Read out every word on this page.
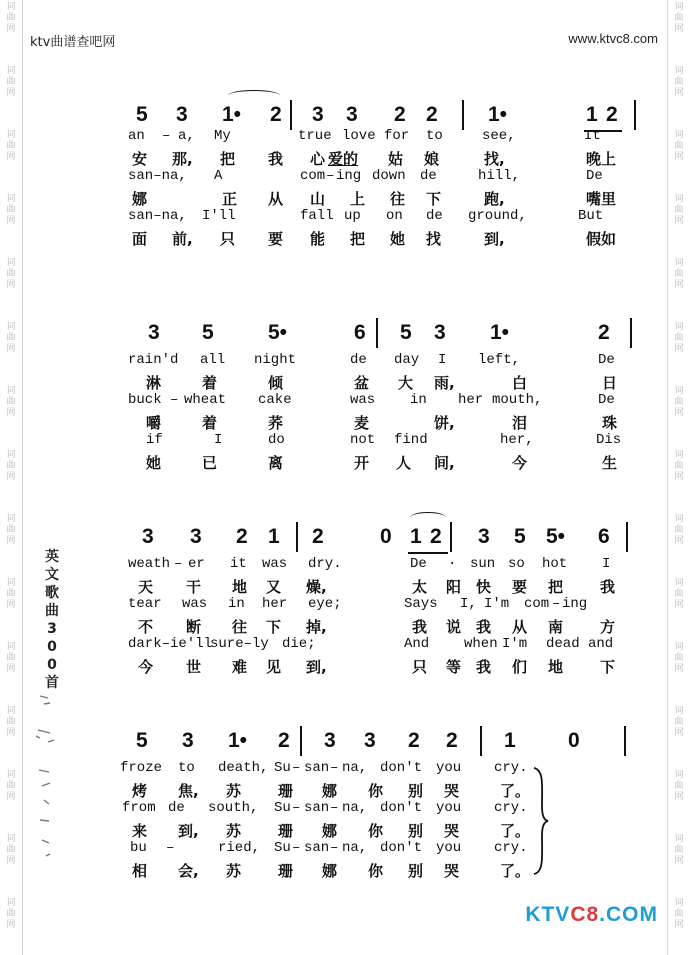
词
曲
网
词
曲
网
词
曲
网
词
曲
网
词
曲
网
词
曲
网
词
曲
网
词
曲
网
词
曲
网
词
曲
网
词
曲
网
词
曲
网
词
曲
网
词
曲
网
词
曲
网
词
曲
网
词
曲
网
词
曲
网
词
曲
网
词
曲
网
词
曲
网
词
曲
网
词
曲
网
词
曲
网
词
曲
网
词
曲
网
词
曲
网
词
曲
网
词
曲
网
词
曲
网
ktv曲谱查吧网	www.ktvc8.com
5 3 1• 2 3 3 2 2 1•	1 2
an – a, My	true love for to	see,	It
安 那, 把 我 心 爱的 姑 娘	找,	晚上
san–na, A	com – ing down de	hill,	De
娜	正 从 山 上 往 下	跑,	嘴里
san–na, I'll	fall up on de ground,	But
面 前, 只 要 能 把 她 找	到,	假如
3 5	5•	6 5 3 1•	2
rain'd all night	de day I left,	De
淋	着	倾	盆 大 雨,	白	日
buck – wheat cake	was in her mouth,	De
嚼	着	荞	麦	饼,	泪	珠
if	I	do	not find	her,	Dis
她	已	离	开 人 间,	今	生
3 3 2 1 2	0 1 2 3 5 5• 6
weath – er it was dry.	De · sun so hot I
天 干 地 又 燥,	太 阳 快 要 把 我
tear was in her eye;	Says I, I'm com – ing
不 断 往 下 掉,	我 说 我 从 南 方
dark–ie'll
sure–ly die;	And when I'm dead and
今 世 难 见 到,	只 等 我 们 地 下
5 3 1• 2 3 3 2 2 1 0
froze to death, Su – san – na, don't you cry.
烤 焦, 苏 珊 娜 你 别 哭	了。
from de south, Su – san – na, don't you cry.
来 到, 苏 珊 娜 你 别 哭	了。
bu –	ried, Su – san – na, don't you cry.
相 会, 苏 珊 娜 你 别 哭	了。
英
文
歌
曲
3
0
0
首
KTVC8.COM
